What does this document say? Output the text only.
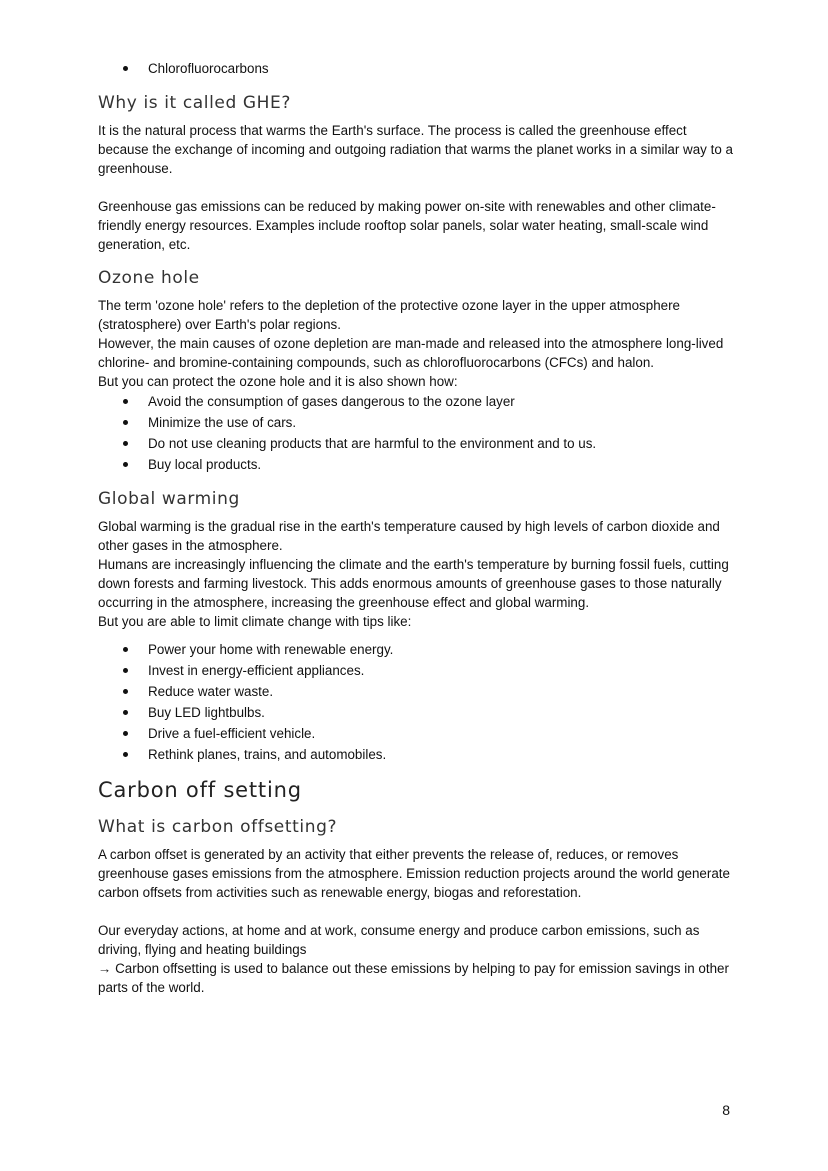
Chlorofluorocarbons
Why is it called GHE?

It is the natural process that warms the Earth's surface. The process is called the greenhouse effect because the exchange of incoming and outgoing radiation that warms the planet works in a similar way to a greenhouse.

Greenhouse gas emissions can be reduced by making power on-site with renewables and other climate-friendly energy resources. Examples include rooftop solar panels, solar water heating, small-scale wind generation, etc.

Ozone hole

The term 'ozone hole' refers to the depletion of the protective ozone layer in the upper atmosphere (stratosphere) over Earth's polar regions.

However, the main causes of ozone depletion are man-made and released into the atmosphere long-lived chlorine- and bromine-containing compounds, such as chlorofluorocarbons (CFCs) and halon.

But you can protect the ozone hole and it is also shown how:

Avoid the consumption of gases dangerous to the ozone layer
Minimize the use of cars.
Do not use cleaning products that are harmful to the environment and to us.
Buy local products.
Global warming

Global warming is the gradual rise in the earth's temperature caused by high levels of carbon dioxide and other gases in the atmosphere.

Humans are increasingly influencing the climate and the earth's temperature by burning fossil fuels, cutting down forests and farming livestock. This adds enormous amounts of greenhouse gases to those naturally occurring in the atmosphere, increasing the greenhouse effect and global warming.

But you are able to limit climate change with tips like:

Power your home with renewable energy.
Invest in energy-efficient appliances.
Reduce water waste.
Buy LED lightbulbs.
Drive a fuel-efficient vehicle.
Rethink planes, trains, and automobiles.
Carbon off setting
What is carbon offsetting?

A carbon offset is generated by an activity that either prevents the release of, reduces, or removes greenhouse gases emissions from the atmosphere. Emission reduction projects around the world generate carbon offsets from activities such as renewable energy, biogas and reforestation.

Our everyday actions, at home and at work, consume energy and produce carbon emissions, such as driving, flying and heating buildings

→ Carbon offsetting is used to balance out these emissions by helping to pay for emission savings in other parts of the world.

8
